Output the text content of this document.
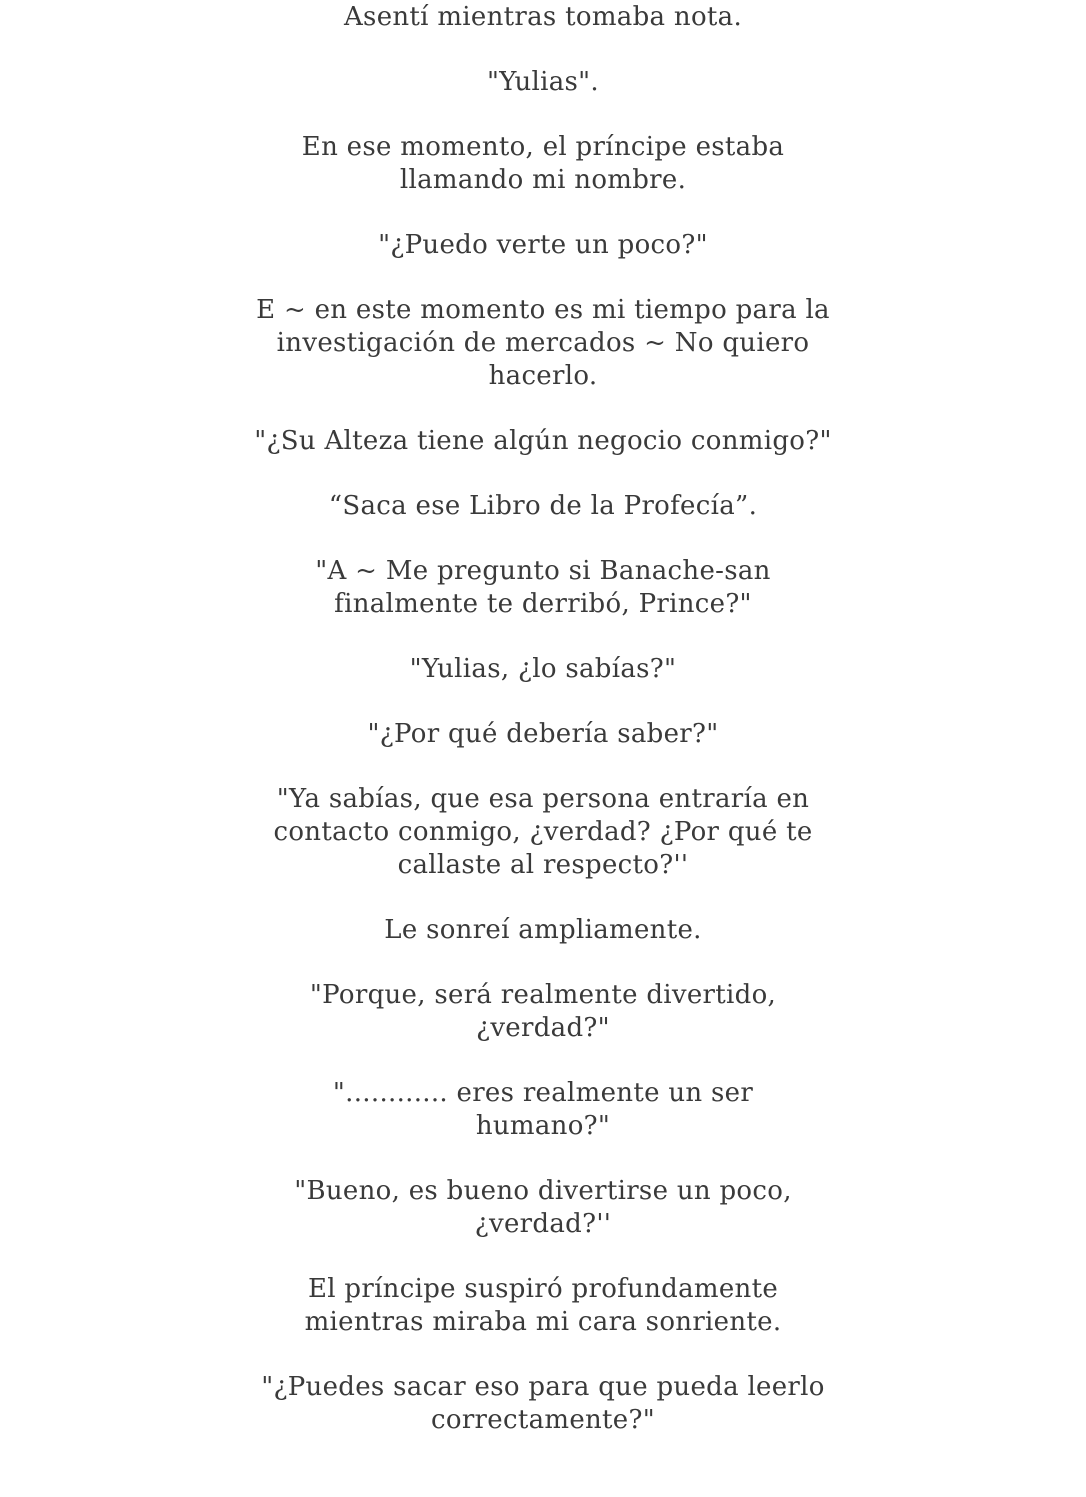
Asentí mientras tomaba nota.

"Yulias".

En ese momento, el príncipe estaba
llamando mi nombre.

"¿Puedo verte un poco?"

E ~ en este momento es mi tiempo para la
investigación de mercados ~ No quiero
hacerlo.

"¿Su Alteza tiene algún negocio conmigo?"

“Saca ese Libro de la Profecía”.

"A ~ Me pregunto si Banache-san
finalmente te derribó, Prince?"

"Yulias, ¿lo sabías?"

"¿Por qué debería saber?"

"Ya sabías, que esa persona entraría en
contacto conmigo, ¿verdad? ¿Por qué te
callaste al respecto?''

Le sonreí ampliamente.

"Porque, será realmente divertido,
¿verdad?"

"............ eres realmente un ser
humano?"

"Bueno, es bueno divertirse un poco,
¿verdad?''

El príncipe suspiró profundamente
mientras miraba mi cara sonriente.

"¿Puedes sacar eso para que pueda leerlo
correctamente?"
